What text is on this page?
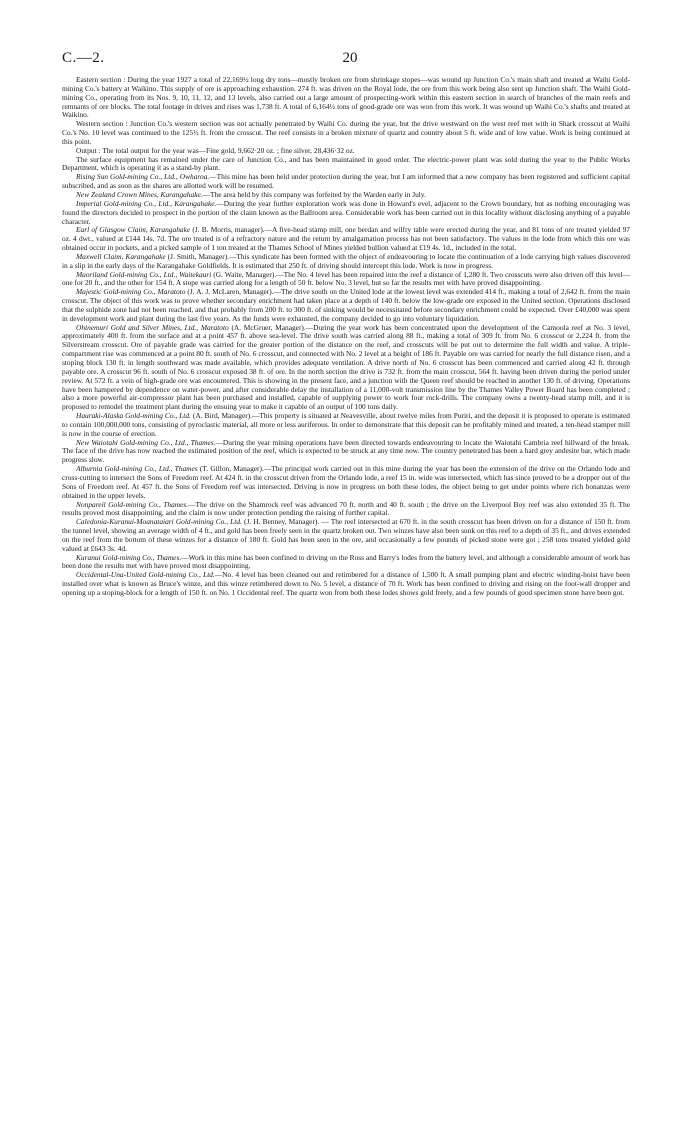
C.—2.	20

Eastern section : During the year 1927 a total of 22,169½ long dry tons—mostly broken ore from shrinkage stopes—was wound up Junction Co.'s main shaft and treated at Waihi Gold-mining Co.'s battery at Waikino. This supply of ore is approaching exhaustion. 274 ft. was driven on the Royal lode, the ore from this work being also sent up Junction shaft. The Waihi Gold-mining Co., operating from its Nos. 9, 10, 11, 12, and 13 levels, also carried out a large amount of prospecting-work within this eastern section in search of branches of the main reefs and remnants of ore blocks. The total footage in drives and rises was 1,738 ft. A total of 6,164½ tons of good-grade ore was won from this work. It was wound up Waihi Co.'s shafts and treated at Waikino.

Western section : Junction Co.'s western section was not actually penetrated by Waihi Co. during the year, but the drive westward on the west reef met with in Shark crosscut at Waihi Co.'s No. 10 level was continued to the 125½ ft. from the crosscut. The reef consists in a broken mixture of quartz and country about 5 ft. wide and of low value. Work is being continued at this point.

Output : The total output for the year was—Fine gold, 9,662·20 oz. ; fine silver, 28,436·32 oz.

The surface equipment has remained under the care of Junction Co., and has been maintained in good order. The electric-power plant was sold during the year to the Public Works Department, which is operating it as a stand-by plant.

Rising Sun Gold-mining Co., Ltd., Owharoa.—This mine has been held under protection during the year, but I am informed that a new company has been registered and sufficient capital subscribed, and as soon as the shares are allotted work will be resumed.

New Zealand Crown Mines, Karangahake.—The area held by this company was forfeited by the Warden early in July.

Imperial Gold-mining Co., Ltd., Karangahake.—During the year further exploration work was done in Howard's evel, adjacent to the Crown boundary, but as nothing encouraging was found the directors decided to prospect in the portion of the claim known as the Ballroom area. Considerable work has been carried out in this locality without disclosing anything of a payable character.

Earl of Glasgow Claim, Karangahake (J. B. Morris, manager).—A five-head stamp mill, one berdan and wilfry table were erected during the year, and 81 tons of ore treated yielded 97 oz. 4 dwt., valued at £144 14s. 7d. The ore treated is of a refractory nature and the return by amalgamation process has not been satisfactory. The values in the lode from which this ore was obtained occur in pockets, and a picked sample of 1 ton treated at the Thames School of Mines yielded bullion valued at £19 4s. 1d., included in the total.

Maxwell Claim, Karangahake (J. Smith, Manager).—This syndicate has been formed with the object of endeavouring to locate the continuation of a lode carrying high values discovered in a slip in the early days of the Karangahake Goldfields. It is estimated that 250 ft. of driving should intercept this lode. Work is now in progress.

Maoriland Gold-mining Co., Ltd., Waitekauri (G. Waite, Manager).—The No. 4 level has been repaired into the reef a distance of 1,280 ft. Two crosscuts were also driven off this level—one for 20 ft., and the other for 154 ft. A stope was carried along for a length of 50 ft. below No. 3 level, but so far the results met with have proved disappointing.

Majestic Gold-mining Co., Maratoto (J. A. J. McLaren, Manager).—The drive south on the United lode at the lowest level was extended 414 ft., making a total of 2,642 ft. from the main crosscut. The object of this work was to prove whether secondary enrichment had taken place at a depth of 140 ft. below the low-grade ore exposed in the United section. Operations disclosed that the sulphide zone had not been reached, and that probably from 200 ft. to 300 ft. of sinking would be necessitated before secondary enrichment could be expected. Over £40,000 was spent in development work and plant during the last five years. As the funds were exhausted, the company decided to go into voluntary liquidation.

Ohinemuri Gold and Silver Mines, Ltd., Maratoto (A. McGruer, Manager).—During the year work has been concentrated upon the development of the Camoola reef at No. 3 level, approximately 400 ft. from the surface and at a point 457 ft. above sea-level. The drive south was carried along 88 ft., making a total of 309 ft. from No. 6 crosscut or 2,224 ft. from the Silverstream crosscut. Ore of payable grade was carried for the greater portion of the distance on the reef, and crosscuts will be put out to determine the full width and value. A triple-compartment rise was commenced at a point 80 ft. south of No. 6 crosscut, and connected with No. 2 level at a height of 186 ft. Payable ore was carried for nearly the full distance risen, and a stoping block 130 ft. in length southward was made available, which provides adequate ventilation. A drive north of No. 6 crosscut has been commenced and carried along 42 ft. through payable ore. A crosscut 96 ft. south of No. 6 crosscut exposed 38 ft. of ore. In the north section the drive is 732 ft. from the main crosscut, 564 ft. having been driven during the period under review. At 572 ft. a vein of high-grade ore was encountered. This is showing in the present face, and a junction with the Queen reef should be reached in another 130 ft. of driving. Operations have been hampered by dependence on water-power, and after considerable delay the installation of a 11,000-volt transmission line by the Thames Valley Power Board has been completed ; also a more powerful air-compressor plant has been purchased and installed, capable of supplying power to work four rock-drills. The company owns a twenty-head stamp mill, and it is proposed to remodel the treatment plant during the ensuing year to make it capable of an output of 100 tons daily.

Hauraki-Alaska Gold-mining Co., Ltd. (A. Bird, Manager).—This property is situated at Neavesville, about twelve miles from Puriri, and the deposit it is proposed to operate is estimated to contain 100,000,000 tons, consisting of pyroclastic material, all more or less auriferous. In order to demonstrate that this deposit can be profitably mined and treated, a ten-head stamper mill is now in the course of erection.

New Waiotahi Gold-mining Co., Ltd., Thames.—During the year mining operations have been directed towards endeavouring to locate the Waiotahi Cambria reef hillward of the break. The face of the drive has now reached the estimated position of the reef, which is expected to be struck at any time now. The country penetrated has been a hard grey andesite bar, which made progress slow.

Alburnia Gold-mining Co., Ltd., Thames (T. Gillon, Manager).—The principal work carried out in this mine during the year has been the extension of the drive on the Orlando lode and cross-cutting to intersect the Sons of Freedom reef. At 424 ft. in the crosscut driven from the Orlando lode, a reef 15 in. wide was intersected, which has since proved to be a dropper out of the Sons of Freedom reef. At 457 ft. the Sons of Freedom reef was intersected. Driving is now in progress on both these lodes, the object being to get under points where rich bonanzas were obtained in the upper levels.

Nonpareil Gold-mining Co., Thames.—The drive on the Shamrock reef was advanced 70 ft. north and 40 ft. south ; the drive on the Liverpool Boy reef was also extended 35 ft. The results proved most disappointing, and the claim is now under protection pending the raising of further capital.

Caledonia-Kuranui-Moanataiari Gold-mining Co., Ltd. (J. H. Benney, Manager). — The reef intersected at 670 ft. in the south crosscut has been driven on for a distance of 150 ft. from the tunnel level, showing an average width of 4 ft., and gold has been freely seen in the quartz broken out. Two winzes have also been sunk on this reef to a depth of 35 ft., and drives extended on the reef from the bottom of these winzes for a distance of 180 ft. Gold has been seen in the ore, and occasionally a few pounds of picked stone were got ; 258 tons treated yielded gold valued at £643 3s. 4d.

Kuranui Gold-mining Co., Thames.—Work in this mine has been confined to driving on the Ross and Barry's lodes from the battery level, and although a considerable amount of work has been done the results met with have proved most disappointing.

Occidental-Una-United Gold-mining Co., Ltd.—No. 4 level has been cleaned out and retimbered for a distance of 1,500 ft. A small pumping plant and electric winding-hoist have been installed over what is known as Bruce's winze, and this winze retimbered down to No. 5 level, a distance of 70 ft. Work has been confined to driving and rising on the foot-wall dropper and opening up a stoping-block for a length of 150 ft. on No. 1 Occidental reef. The quartz won from both these lodes shows gold freely, and a few pounds of good specimen stone have been got.
